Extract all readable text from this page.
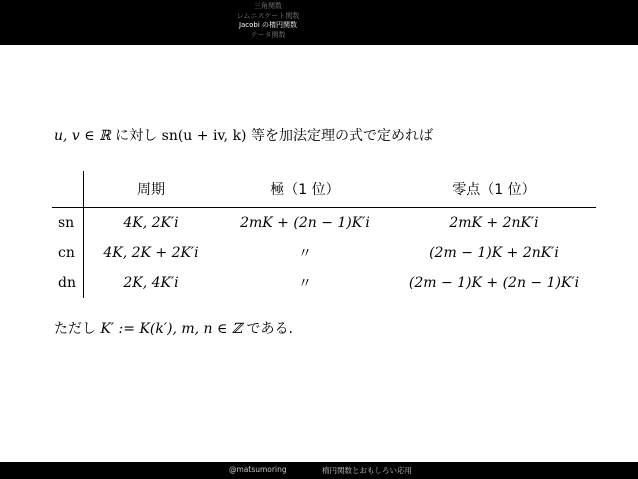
三角関数
レムニスケート関数
Jacobi の楕円関数
テータ関数
u, v ∈ ℝ に対し sn(u + iv, k) 等を加法定理の式で定めれば
	周期	極（1 位）	零点（1 位）
sn	4K, 2K′i	2mK + (2n − 1)K′i	2mK + 2nK′i
cn	4K, 2K + 2K′i	〃	(2m − 1)K + 2nK′i
dn	2K, 4K′i	〃	(2m − 1)K + (2n − 1)K′i
ただし K′ := K(k′), m, n ∈ ℤ である.
@matsumoring	楕円関数とおもしろい応用
